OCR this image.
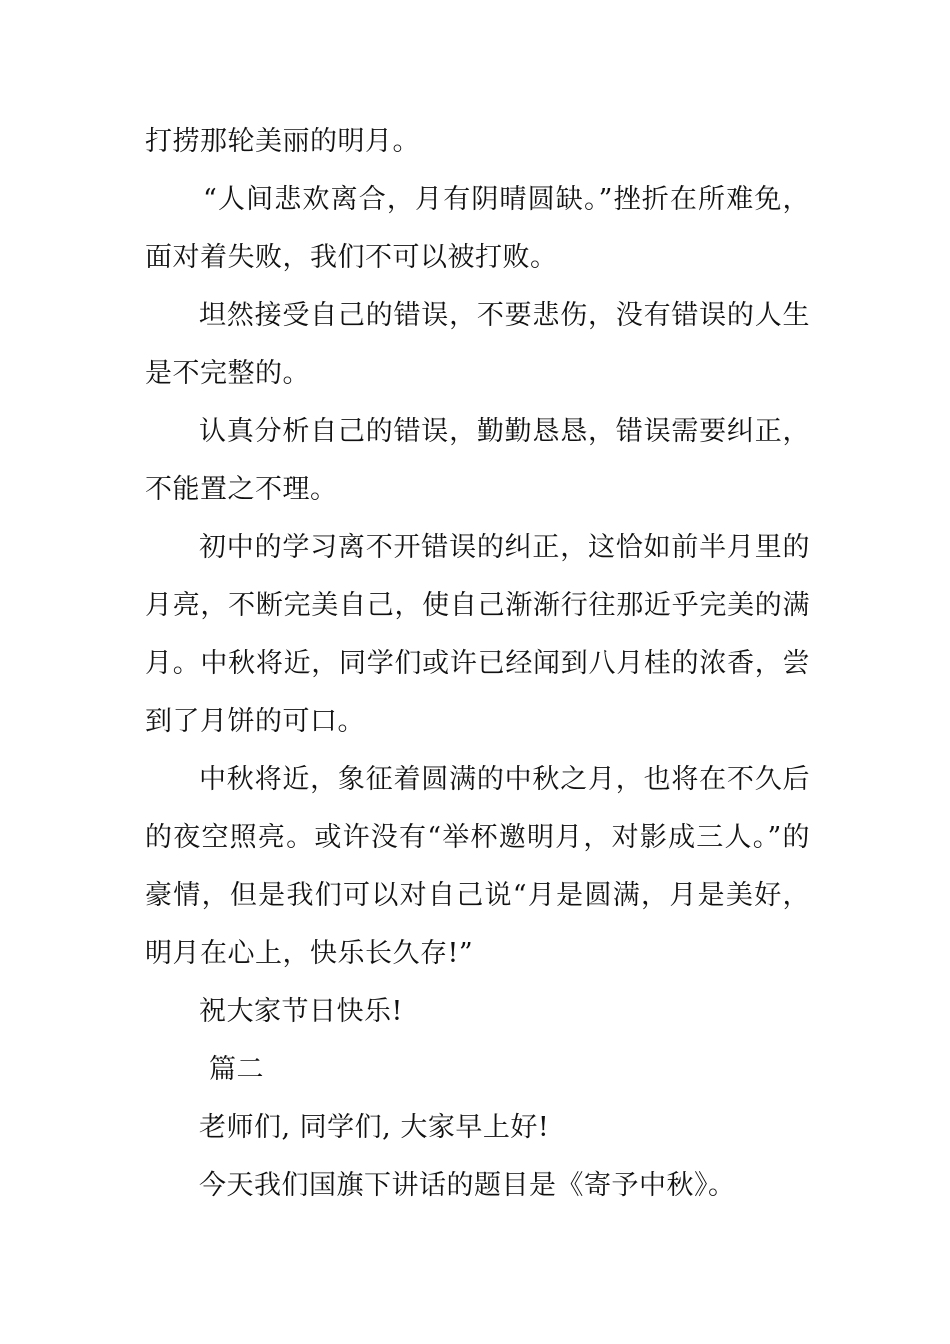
打捞那轮美丽的明月。

“人间悲欢离合，月有阴晴圆缺。”挫折在所难免，面对着失败，我们不可以被打败。

坦然接受自己的错误，不要悲伤，没有错误的人生是不完整的。

认真分析自己的错误，勤勤恳恳，错误需要纠正，不能置之不理。

初中的学习离不开错误的纠正，这恰如前半月里的月亮，不断完美自己，使自己渐渐行往那近乎完美的满月。中秋将近，同学们或许已经闻到八月桂的浓香，尝到了月饼的可口。

中秋将近，象征着圆满的中秋之月，也将在不久后的夜空照亮。或许没有“举杯邀明月，对影成三人。”的豪情，但是我们可以对自己说“月是圆满，月是美好，明月在心上，快乐长久存!”

祝大家节日快乐!

篇二

老师们, 同学们, 大家早上好!

今天我们国旗下讲话的题目是《寄予中秋》。
